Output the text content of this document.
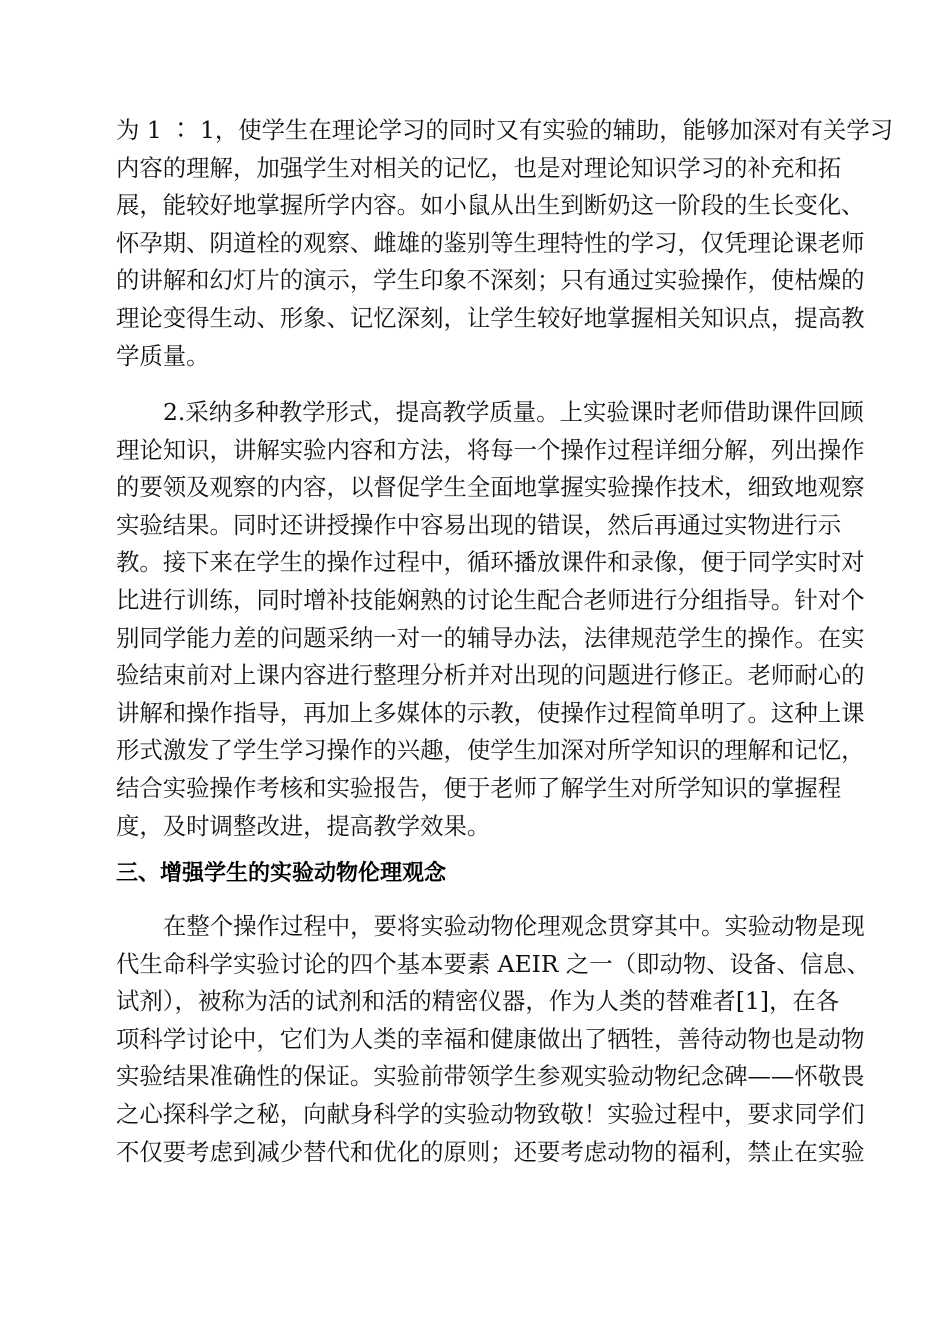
为 1 ∶ 1，使学生在理论学习的同时又有实验的辅助，能够加深对有关学习
内容的理解，加强学生对相关的记忆，也是对理论知识学习的补充和拓
展，能较好地掌握所学内容。如小鼠从出生到断奶这一阶段的生长变化、
怀孕期、阴道栓的观察、雌雄的鉴别等生理特性的学习，仅凭理论课老师
的讲解和幻灯片的演示，学生印象不深刻；只有通过实验操作，使枯燥的
理论变得生动、形象、记忆深刻，让学生较好地掌握相关知识点，提高教
学质量。
2.采纳多种教学形式，提高教学质量。上实验课时老师借助课件回顾
理论知识，讲解实验内容和方法，将每一个操作过程详细分解，列出操作
的要领及观察的内容，以督促学生全面地掌握实验操作技术，细致地观察
实验结果。同时还讲授操作中容易出现的错误，然后再通过实物进行示
教。接下来在学生的操作过程中，循环播放课件和录像，便于同学实时对
比进行训练，同时增补技能娴熟的讨论生配合老师进行分组指导。针对个
别同学能力差的问题采纳一对一的辅导办法，法律规范学生的操作。在实
验结束前对上课内容进行整理分析并对出现的问题进行修正。老师耐心的
讲解和操作指导，再加上多媒体的示教，使操作过程简单明了。这种上课
形式激发了学生学习操作的兴趣，使学生加深对所学知识的理解和记忆，
结合实验操作考核和实验报告，便于老师了解学生对所学知识的掌握程
度，及时调整改进，提高教学效果。
三、增强学生的实验动物伦理观念
在整个操作过程中，要将实验动物伦理观念贯穿其中。实验动物是现
代生命科学实验讨论的四个基本要素 AEIR 之一（即动物、设备、信息、
试剂），被称为活的试剂和活的精密仪器，作为人类的替难者[1]，在各
项科学讨论中，它们为人类的幸福和健康做出了牺牲，善待动物也是动物
实验结果准确性的保证。实验前带领学生参观实验动物纪念碑——怀敬畏
之心探科学之秘，向献身科学的实验动物致敬！实验过程中，要求同学们
不仅要考虑到减少替代和优化的原则；还要考虑动物的福利，禁止在实验
